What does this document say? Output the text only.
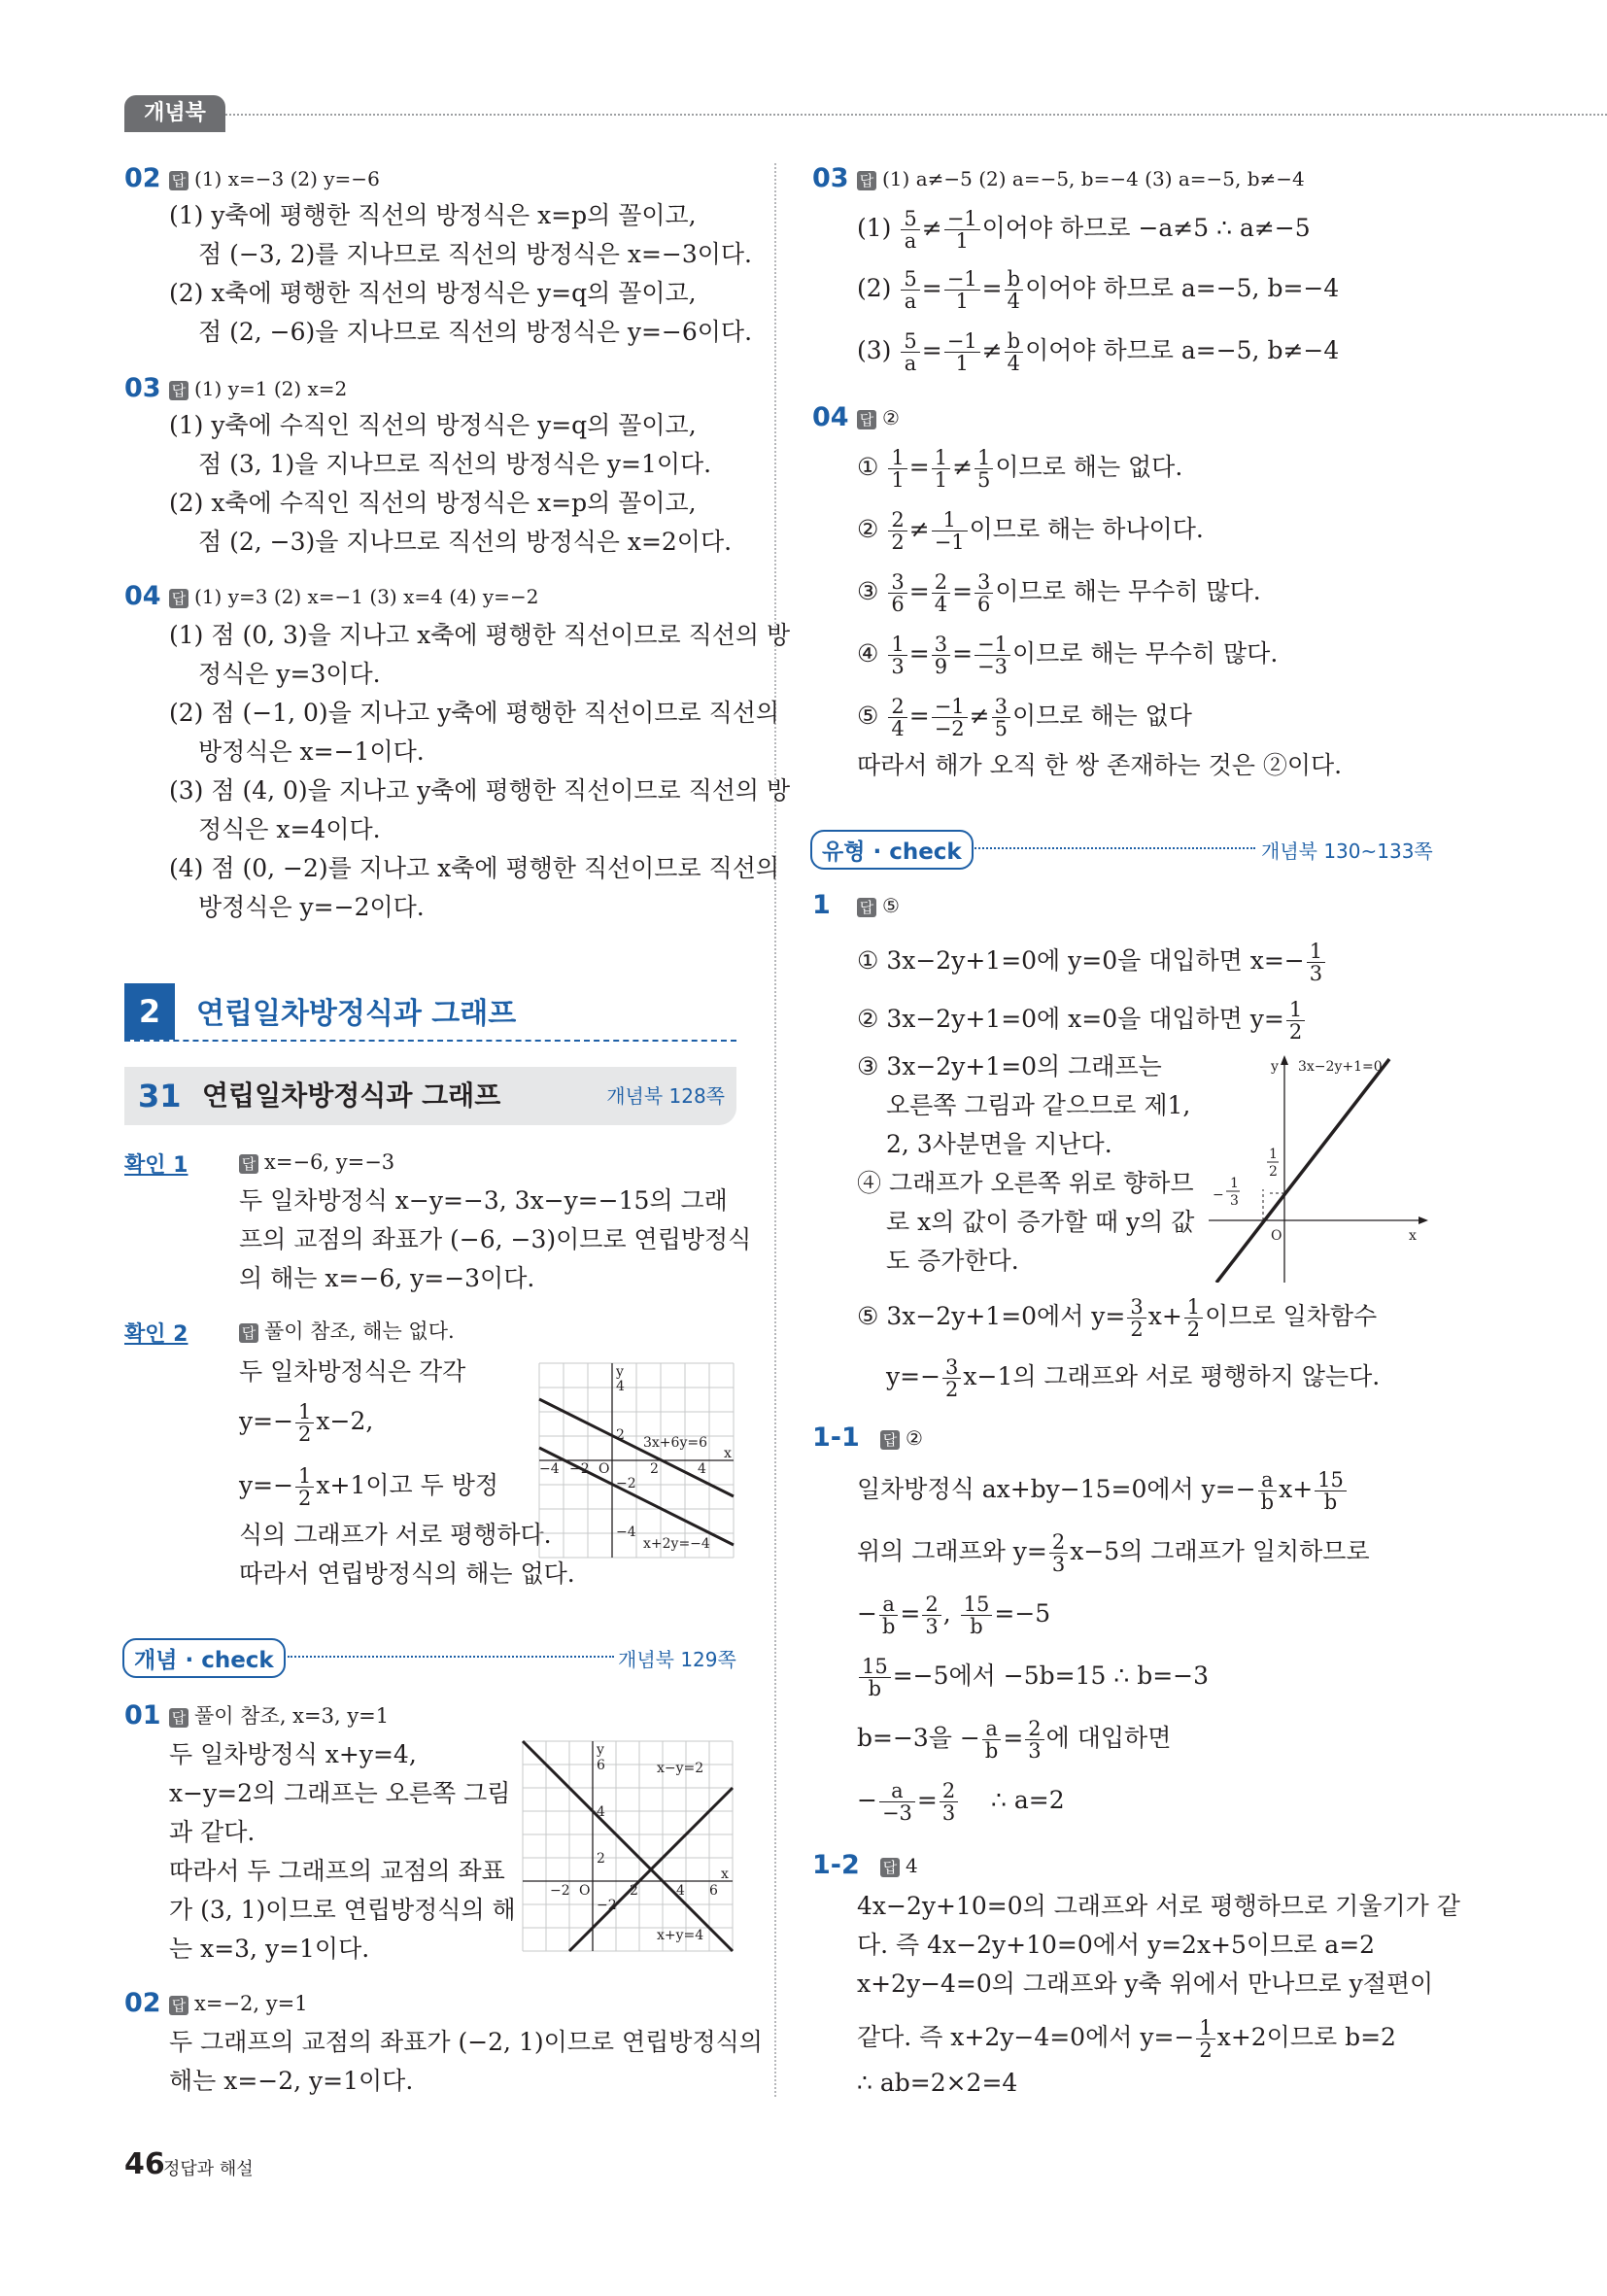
개념북
02 답 (1) x=−3 (2) y=−6
(1) y축에 평행한 직선의 방정식은 x=p의 꼴이고,
점 (−3, 2)를 지나므로 직선의 방정식은 x=−3이다.
(2) x축에 평행한 직선의 방정식은 y=q의 꼴이고,
점 (2, −6)을 지나므로 직선의 방정식은 y=−6이다.
03 답 (1) y=1 (2) x=2
(1) y축에 수직인 직선의 방정식은 y=q의 꼴이고,
점 (3, 1)을 지나므로 직선의 방정식은 y=1이다.
(2) x축에 수직인 직선의 방정식은 x=p의 꼴이고,
점 (2, −3)을 지나므로 직선의 방정식은 x=2이다.
04 답 (1) y=3 (2) x=−1 (3) x=4 (4) y=−2
(1) 점 (0, 3)을 지나고 x축에 평행한 직선이므로 직선의 방
정식은 y=3이다.
(2) 점 (−1, 0)을 지나고 y축에 평행한 직선이므로 직선의
방정식은 x=−1이다.
(3) 점 (4, 0)을 지나고 y축에 평행한 직선이므로 직선의 방
정식은 x=4이다.
(4) 점 (0, −2)를 지나고 x축에 평행한 직선이므로 직선의
방정식은 y=−2이다.
2	연립일차방정식과 그래프
31 연립일차방정식과 그래프	개념북 128쪽
확인 1	답 x=−6, y=−3
두 일차방정식 x−y=−3, 3x−y=−15의 그래
프의 교점의 좌표가 (−6, −3)이므로 연립방정식
의 해는 x=−6, y=−3이다.
확인 2	답 풀이 참조, 해는 없다.
두 일차방정식은 각각
$y=- \frac{1}{2} x-2$,
$y=- \frac{1}{2} x+1$이고 두 방정
식의 그래프가 서로 평행하다.
따라서 연립방정식의 해는 없다.
y
4
2
O	2	4
x
−4 −2
−2
−4
3x+6y=6
x+2y=−4
개념 · check	개념북 129쪽
01 답 풀이 참조, x=3, y=1
두 일차방정식 x+y=4,
x−y=2의 그래프는 오른쪽 그림
과 같다.
따라서 두 그래프의 교점의 좌표
가 (3, 1)이므로 연립방정식의 해
는 x=3, y=1이다.
y
6
4
2
O
−2	2	4 6
x
−2
x−y=2
x+y=4
02 답 x=−2, y=1
두 그래프의 교점의 좌표가 (−2, 1)이므로 연립방정식의
해는 x=−2, y=1이다.
03 답 (1) a≠−5 (2) a=−5, b=−4 (3) a=−5, b≠−4
$(1) \frac{5}{a} \ne \frac{-1}{1}$ 이어야 하므로 −a≠5 ∴ a≠−5
$(2) \frac{5}{a} = \frac{-1}{1} = \frac{b}{4}$ 이어야 하므로 a=−5, b=−4
$(3) \frac{5}{a} = \frac{-1}{1} \ne \frac{b}{4}$ 이어야 하므로 a=−5, b≠−4
04 답 ②
① $\frac{1}{1} = \frac{1}{1} \ne \frac{1}{5}$ 이므로 해는 없다.
② $\frac{2}{2} \ne \frac{1}{-1}$ 이므로 해는 하나이다.
③ $\frac{3}{6} = \frac{2}{4} = \frac{3}{6}$ 이므로 해는 무수히 많다.
④ $\frac{1}{3} = \frac{3}{9} = \frac{-1}{-3}$ 이므로 해는 무수히 많다.
⑤ $\frac{2}{4} = \frac{-1}{-2} \ne \frac{3}{5}$ 이므로 해는 없다
따라서 해가 오직 한 쌍 존재하는 것은 ②이다.
유형 · check	개념북 130~133쪽
1 답 ⑤
① 3x−2y+1=0에 y=0을 대입하면 $x=- \frac{1}{3}$
② 3x−2y+1=0에 x=0을 대입하면 $y= \frac{1}{2}$
③ 3x−2y+1=0의 그래프는
오른쪽 그림과 같으므로 제1,
2, 3사분면을 지난다.
④ 그래프가 오른쪽 위로 향하므
로 x의 값이 증가할 때 y의 값
도 증가한다.
y 3x−2y+1=0
1
2
−
1
3
O	x
⑤ 3x−2y+1=0에서 $y= \frac{3}{2} x+ \frac{1}{2}$ 이므로 일차함수
$y=- \frac{3}{2} x-1$의 그래프와 서로 평행하지 않는다.
1-1 답 ②
일차방정식 ax+by−15=0에서 $y=- \frac{a}{b} x+ \frac{15}{b}$
위의 그래프와 $y= \frac{2}{3} x-5$의 그래프가 일치하므로
− $\frac{a}{b} = \frac{2}{3}$ , $\frac{15}{b} =-5$
$\frac{15}{b} =-5$에서 −5b=15 ∴ b=−3
b=−3을 − $\frac{a}{b} = \frac{2}{3}$ 에 대입하면
− $\frac{a}{-3} = \frac{2}{3}$ ∴ a=2
1-2 답 4
4x−2y+10=0의 그래프와 서로 평행하므로 기울기가 같
다. 즉 4x−2y+10=0에서 y=2x+5이므로 a=2
x+2y−4=0의 그래프와 y축 위에서 만나므로 y절편이
같다. 즉 x+2y−4=0에서 $y=- \frac{1}{2} x+2$이므로 b=2
∴ ab=2×2=4
46
정답과 해설
